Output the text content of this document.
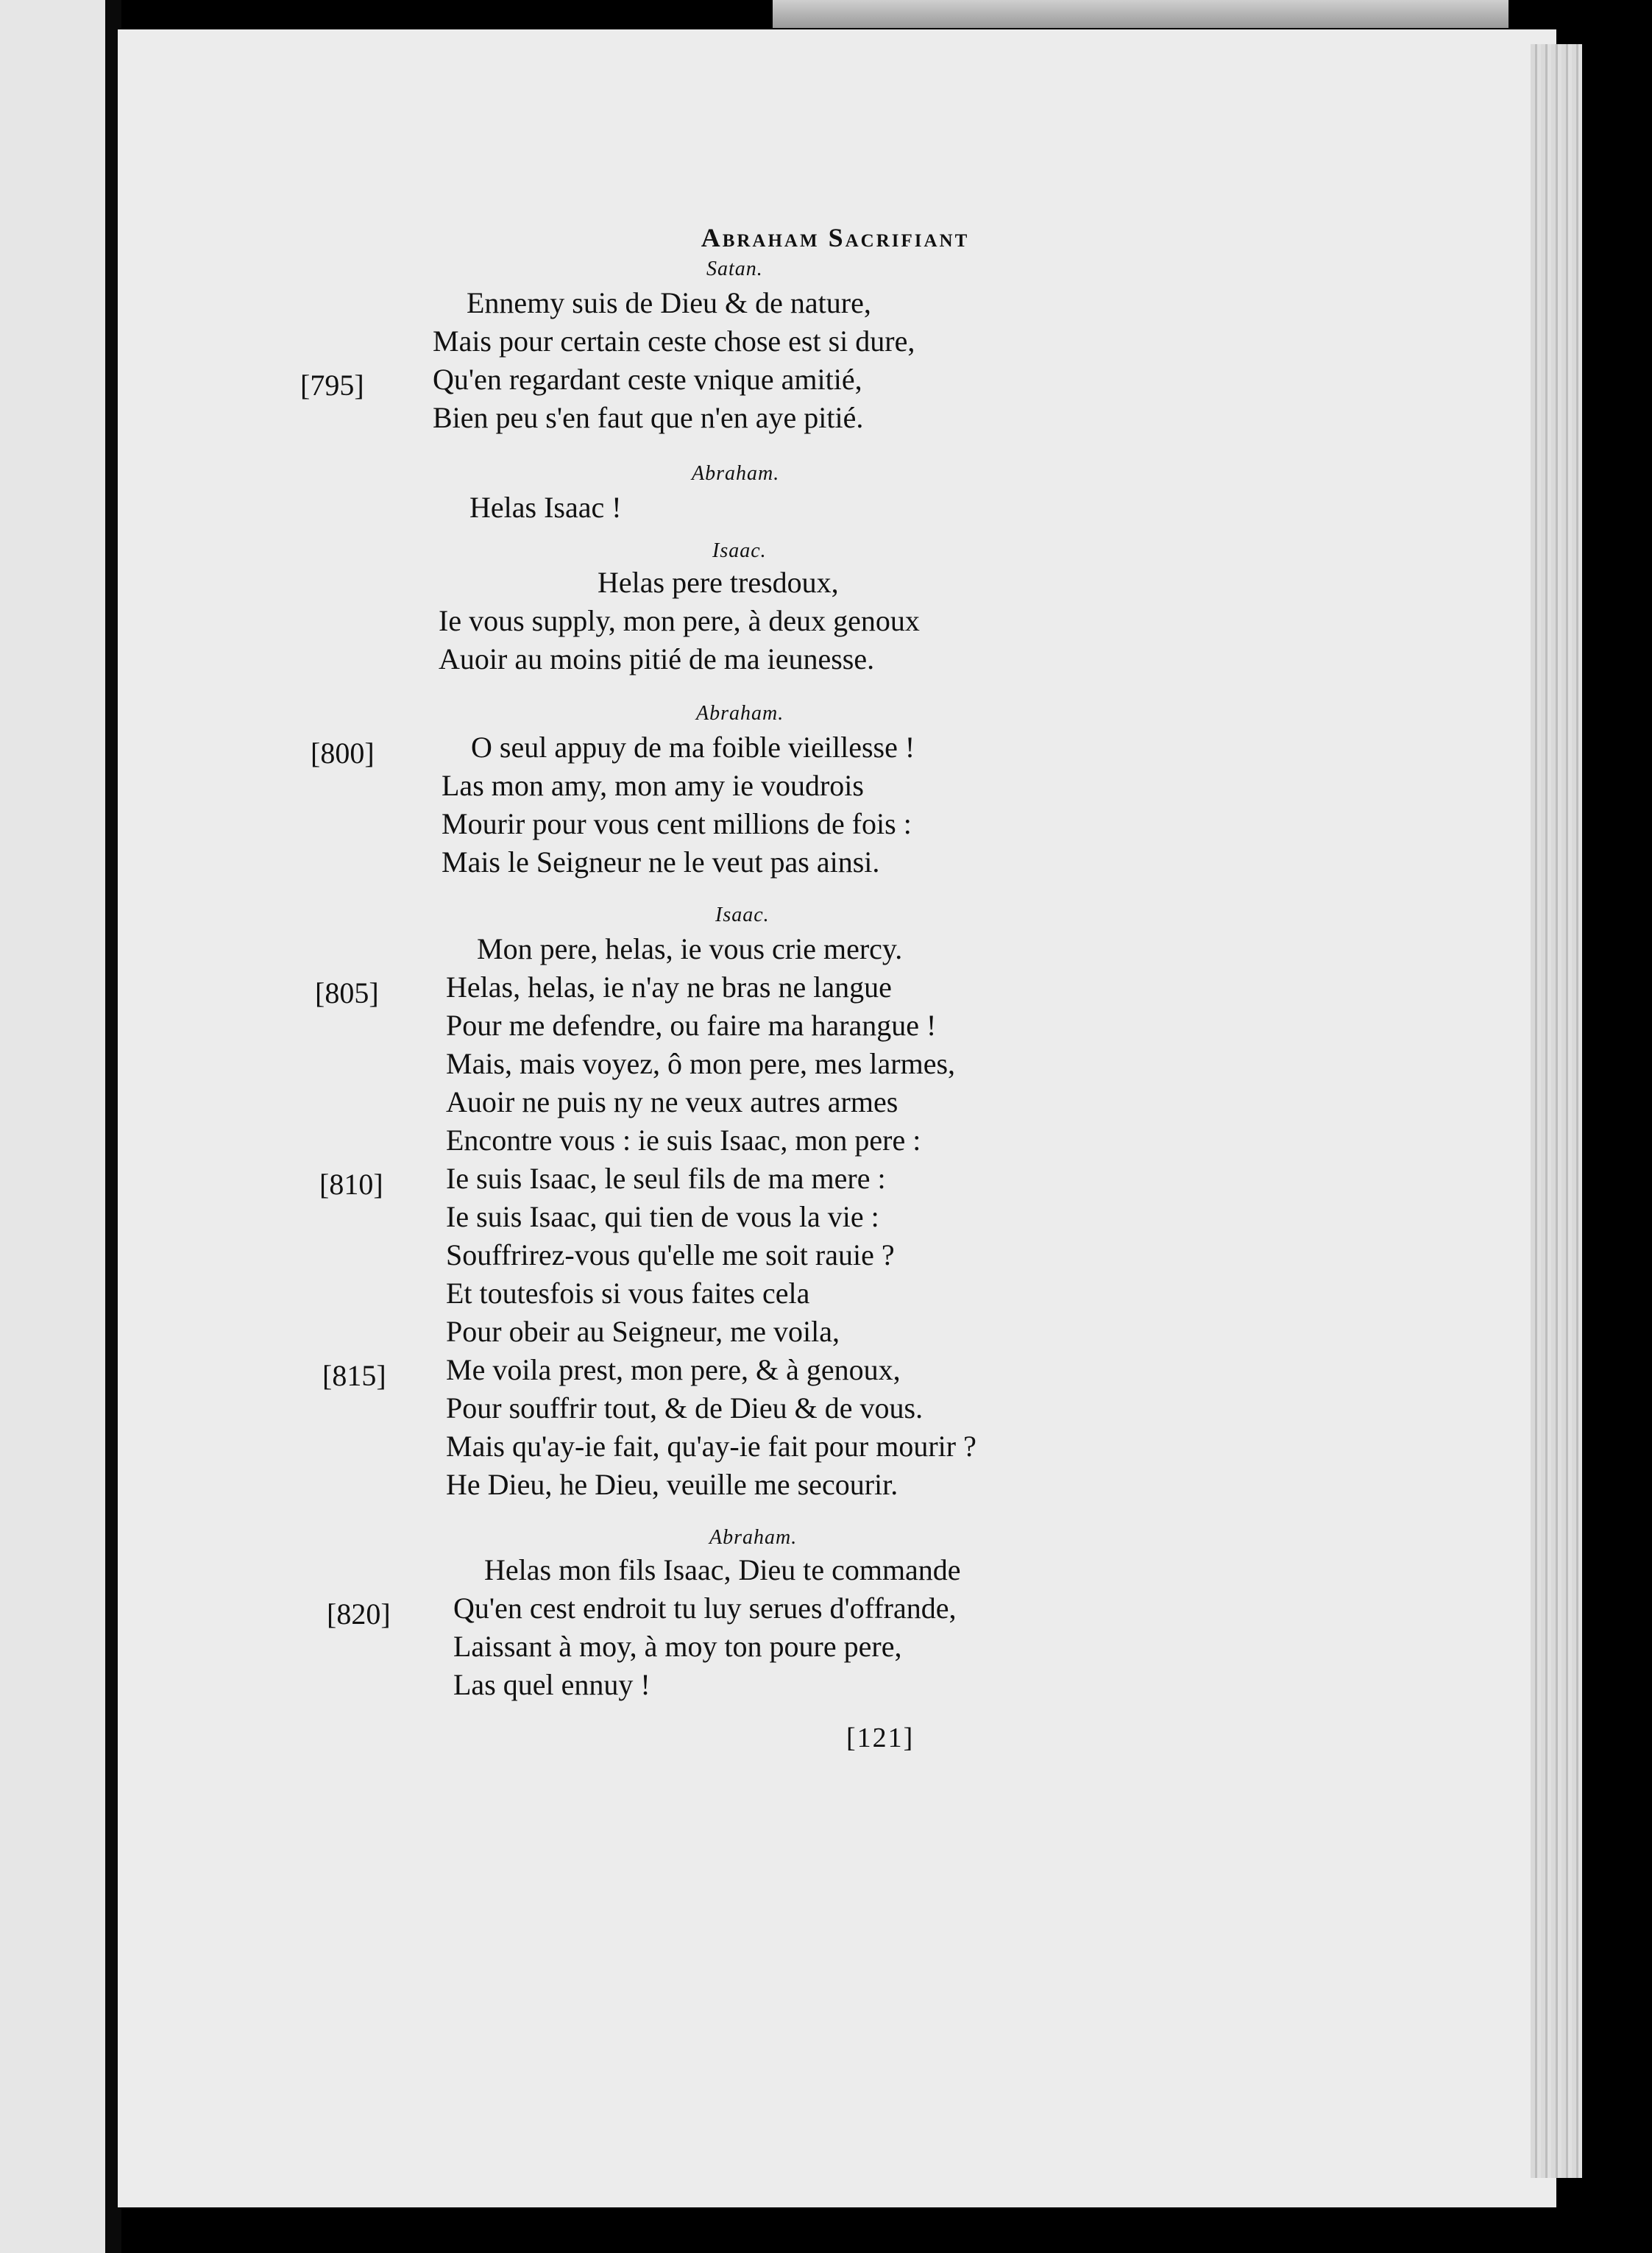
Abraham Sacrifiant
Satan.
Ennemy suis de Dieu & de nature,
Mais pour certain ceste chose est si dure,
Qu'en regardant ceste vnique amitié,
Bien peu s'en faut que n'en aye pitié.
Abraham.
Helas Isaac !
Isaac.
Helas pere tresdoux,
Ie vous supply, mon pere, à deux genoux
Auoir au moins pitié de ma ieunesse.
Abraham.
O seul appuy de ma foible vieillesse !
Las mon amy, mon amy ie voudrois
Mourir pour vous cent millions de fois :
Mais le Seigneur ne le veut pas ainsi.
Isaac.
Mon pere, helas, ie vous crie mercy.
Helas, helas, ie n'ay ne bras ne langue
Pour me defendre, ou faire ma harangue !
Mais, mais voyez, ô mon pere, mes larmes,
Auoir ne puis ny ne veux autres armes
Encontre vous : ie suis Isaac, mon pere :
Ie suis Isaac, le seul fils de ma mere :
Ie suis Isaac, qui tien de vous la vie :
Souffrirez-vous qu'elle me soit rauie ?
Et toutesfois si vous faites cela
Pour obeir au Seigneur, me voila,
Me voila prest, mon pere, & à genoux,
Pour souffrir tout, & de Dieu & de vous.
Mais qu'ay-ie fait, qu'ay-ie fait pour mourir ?
He Dieu, he Dieu, veuille me secourir.
Abraham.
Helas mon fils Isaac, Dieu te commande
Qu'en cest endroit tu luy serues d'offrande,
Laissant à moy, à moy ton poure pere,
Las quel ennuy !
[795]
[800]
[805]
[810]
[815]
[820]
[121]
